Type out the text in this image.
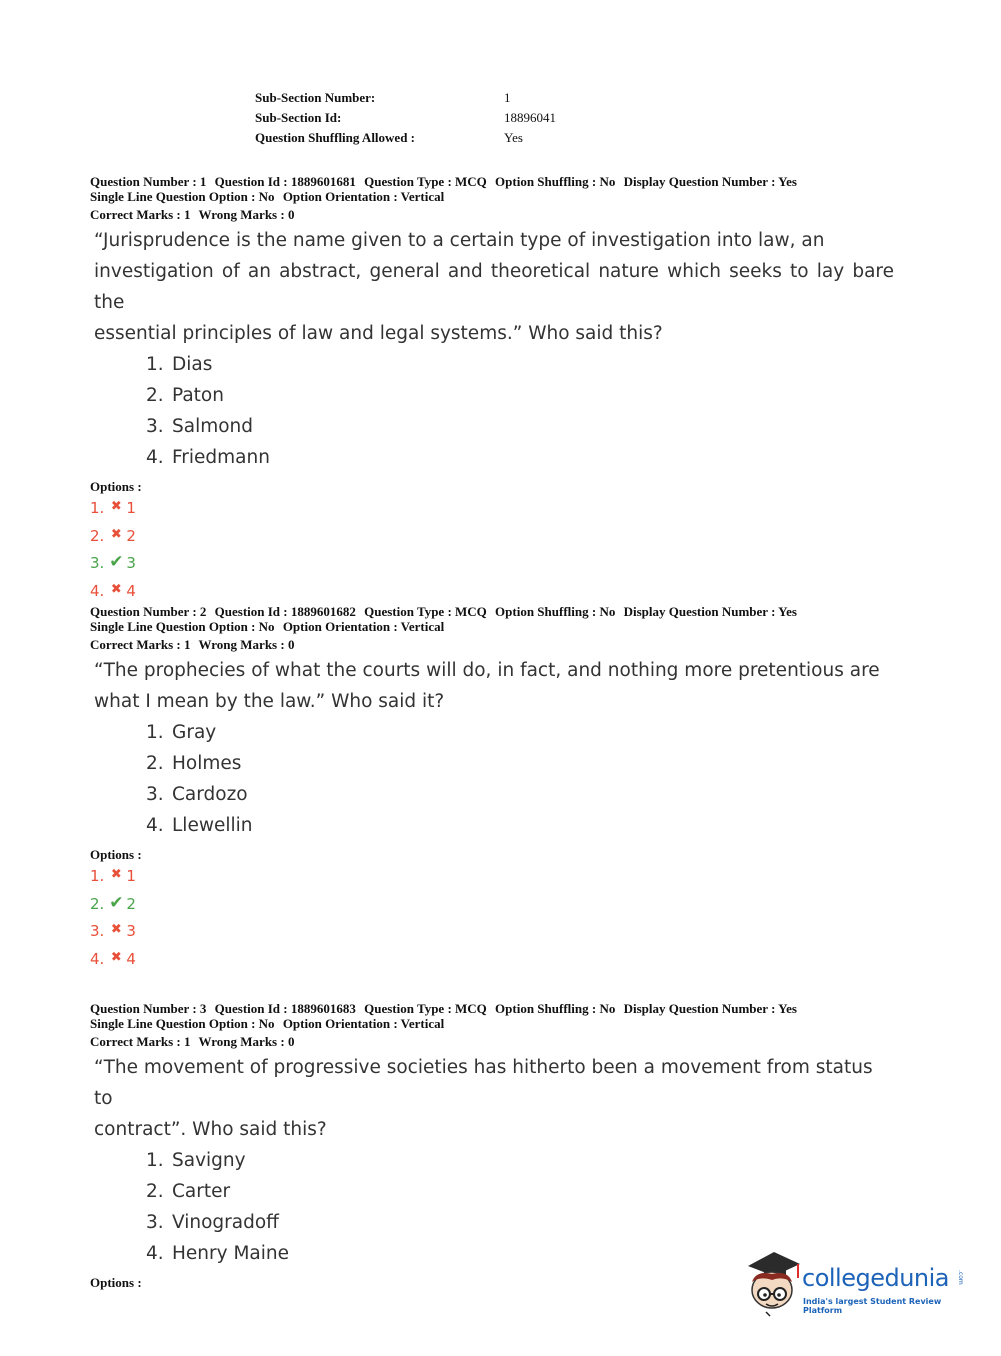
Sub-Section Number:	1
Sub-Section Id:	18896041
Question Shuffling Allowed :	Yes
Question Number : 1 Question Id : 1889601681 Question Type : MCQ Option Shuffling : No Display Question Number : Yes
Single Line Question Option : No Option Orientation : Vertical
Correct Marks : 1 Wrong Marks : 0
“Jurisprudence is the name given to a certain type of investigation into law, an
investigation of an abstract, general and theoretical nature which seeks to lay bare the
essential principles of law and legal systems.” Who said this?
1. Dias
2. Paton
3. Salmond
4. Friedmann
Options :
1. ✖ 1
2. ✖ 2
3. ✔ 3
4. ✖ 4
Question Number : 2 Question Id : 1889601682 Question Type : MCQ Option Shuffling : No Display Question Number : Yes
Single Line Question Option : No Option Orientation : Vertical
Correct Marks : 1 Wrong Marks : 0
“The prophecies of what the courts will do, in fact, and nothing more pretentious are
what I mean by the law.” Who said it?
1. Gray
2. Holmes
3. Cardozo
4. Llewellin
Options :
1. ✖ 1
2. ✔ 2
3. ✖ 3
4. ✖ 4
Question Number : 3 Question Id : 1889601683 Question Type : MCQ Option Shuffling : No Display Question Number : Yes
Single Line Question Option : No Option Orientation : Vertical
Correct Marks : 1 Wrong Marks : 0
“The movement of progressive societies has hitherto been a movement from status to
contract”. Who said this?
1. Savigny
2. Carter
3. Vinogradoff
4. Henry Maine
Options :	collegedunia .com
India's largest Student Review Platform
